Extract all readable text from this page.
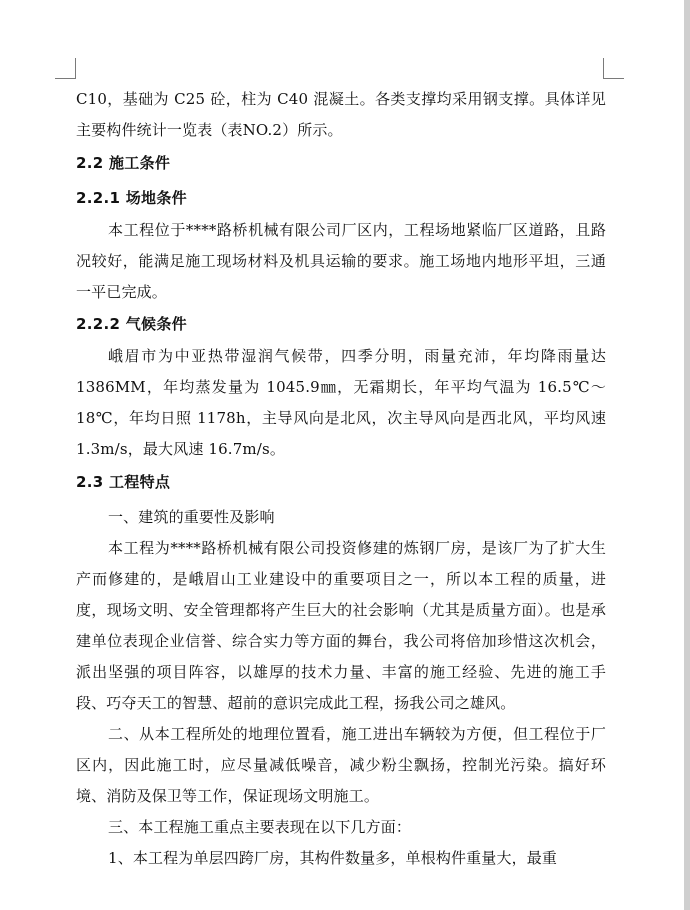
C10，基础为 C25 砼，柱为 C40 混凝土。各类支撑均采用钢支撑。具体详见主要构件统计一览表（表NO.2）所示。

2.2 施工条件
2.2.1 场地条件

本工程位于****路桥机械有限公司厂区内，工程场地紧临厂区道路，且路况较好，能满足施工现场材料及机具运输的要求。施工场地内地形平坦，三通一平已完成。

2.2.2 气候条件

峨眉市为中亚热带湿润气候带，四季分明，雨量充沛，年均降雨量达 1386MM，年均蒸发量为 1045.9㎜，无霜期长，年平均气温为 16.5℃～18℃，年均日照 1178h，主导风向是北风，次主导风向是西北风，平均风速 1.3m/s，最大风速 16.7m/s。

2.3 工程特点

一、建筑的重要性及影响

本工程为****路桥机械有限公司投资修建的炼钢厂房，是该厂为了扩大生产而修建的，是峨眉山工业建设中的重要项目之一，所以本工程的质量，进度，现场文明、安全管理都将产生巨大的社会影响（尤其是质量方面）。也是承建单位表现企业信誉、综合实力等方面的舞台，我公司将倍加珍惜这次机会，派出坚强的项目阵容，以雄厚的技术力量、丰富的施工经验、先进的施工手段、巧夺天工的智慧、超前的意识完成此工程，扬我公司之雄风。

二、从本工程所处的地理位置看，施工进出车辆较为方便，但工程位于厂区内，因此施工时，应尽量减低噪音，减少粉尘飘扬，控制光污染。搞好环境、消防及保卫等工作，保证现场文明施工。

三、本工程施工重点主要表现在以下几方面：

1、本工程为单层四跨厂房，其构件数量多，单根构件重量大，最重
